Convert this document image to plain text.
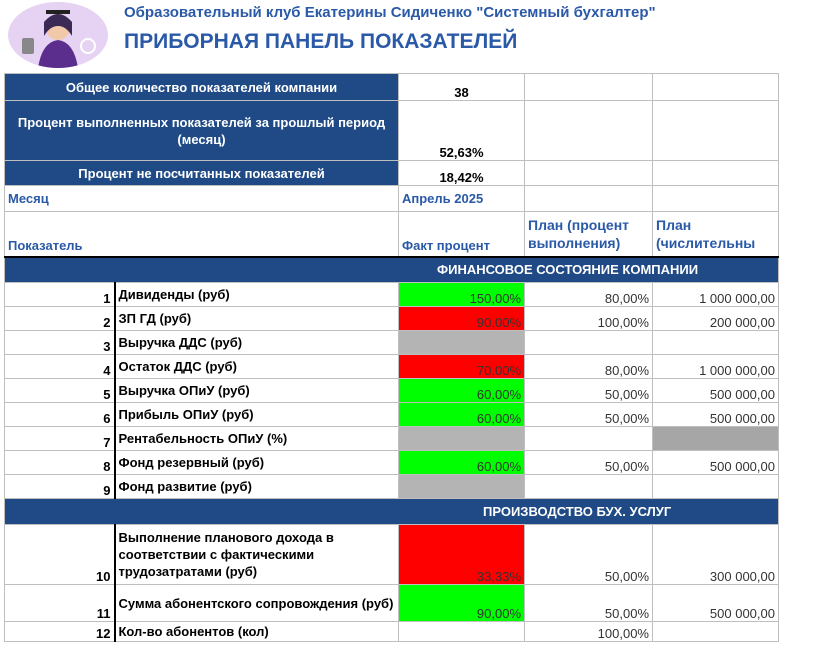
Образовательный клуб Екатерины Сидиченко "Системный бухгалтер"
ПРИБОРНАЯ ПАНЕЛЬ ПОКАЗАТЕЛЕЙ
Общее количество показателей компании		38		
Процент выполненных показателей за прошлый период (месяц)		52,63%		
Процент не посчитанных показателей		18,42%		
Месяц		Апрель 2025		
Показатель		Факт процент	План (процент выполнения)	План (числительны
ФИНАНСОВОЕ СОСТОЯНИЕ КОМПАНИИ				
1	Дивиденды (руб)	150,00%	80,00%	1 000 000,00
2	ЗП ГД (руб)	90,00%	100,00%	200 000,00
3	Выручка ДДС (руб)			
4	Остаток ДДС (руб)	70,00%	80,00%	1 000 000,00
5	Выручка ОПиУ (руб)	60,00%	50,00%	500 000,00
6	Прибыль ОПиУ (руб)	60,00%	50,00%	500 000,00
7	Рентабельность ОПиУ (%)			
8	Фонд резервный (руб)	60,00%	50,00%	500 000,00
9	Фонд развитие (руб)			
ПРОИЗВОДСТВО БУХ. УСЛУГ				
10	Выполнение планового дохода в соответствии с фактическими трудозатратами (руб)	33,33%	50,00%	300 000,00
11	Сумма абонентского сопровождения (руб)	90,00%	50,00%	500 000,00
12	Кол-во абонентов (кол)		100,00%	
